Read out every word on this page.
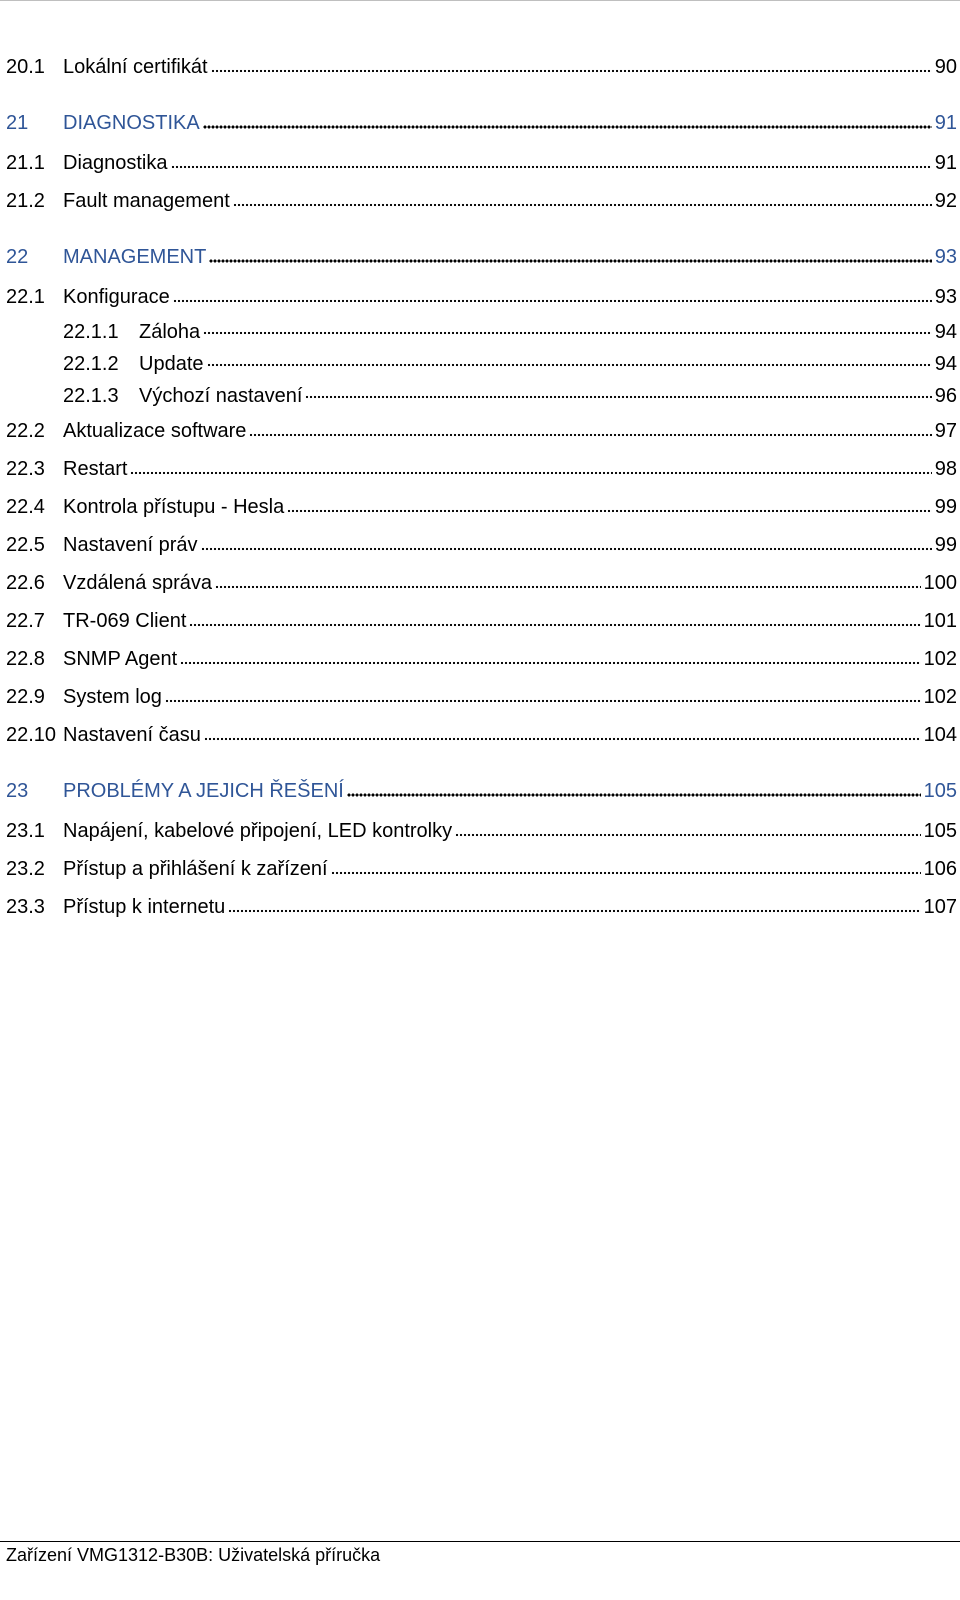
20.1 Lokální certifikát	90
21	DIAGNOSTIKA	91
21.1 Diagnostika	91
21.2 Fault management	92
22	MANAGEMENT	93
22.1 Konfigurace	93
22.1.1	Záloha	94
22.1.2	Update	94
22.1.3	Výchozí nastavení	96
22.2 Aktualizace software	97
22.3 Restart	98
22.4 Kontrola přístupu - Hesla	99
22.5 Nastavení práv	99
22.6 Vzdálená správa	100
22.7 TR-069 Client	101
22.8 SNMP Agent	102
22.9 System log	102
22.10 Nastavení času	104
23	PROBLÉMY A JEJICH ŘEŠENÍ	105
23.1 Napájení, kabelové připojení, LED kontrolky	105
23.2 Přístup a přihlášení k zařízení	106
23.3 Přístup k internetu	107
Zařízení VMG1312-B30B: Uživatelská příručka
